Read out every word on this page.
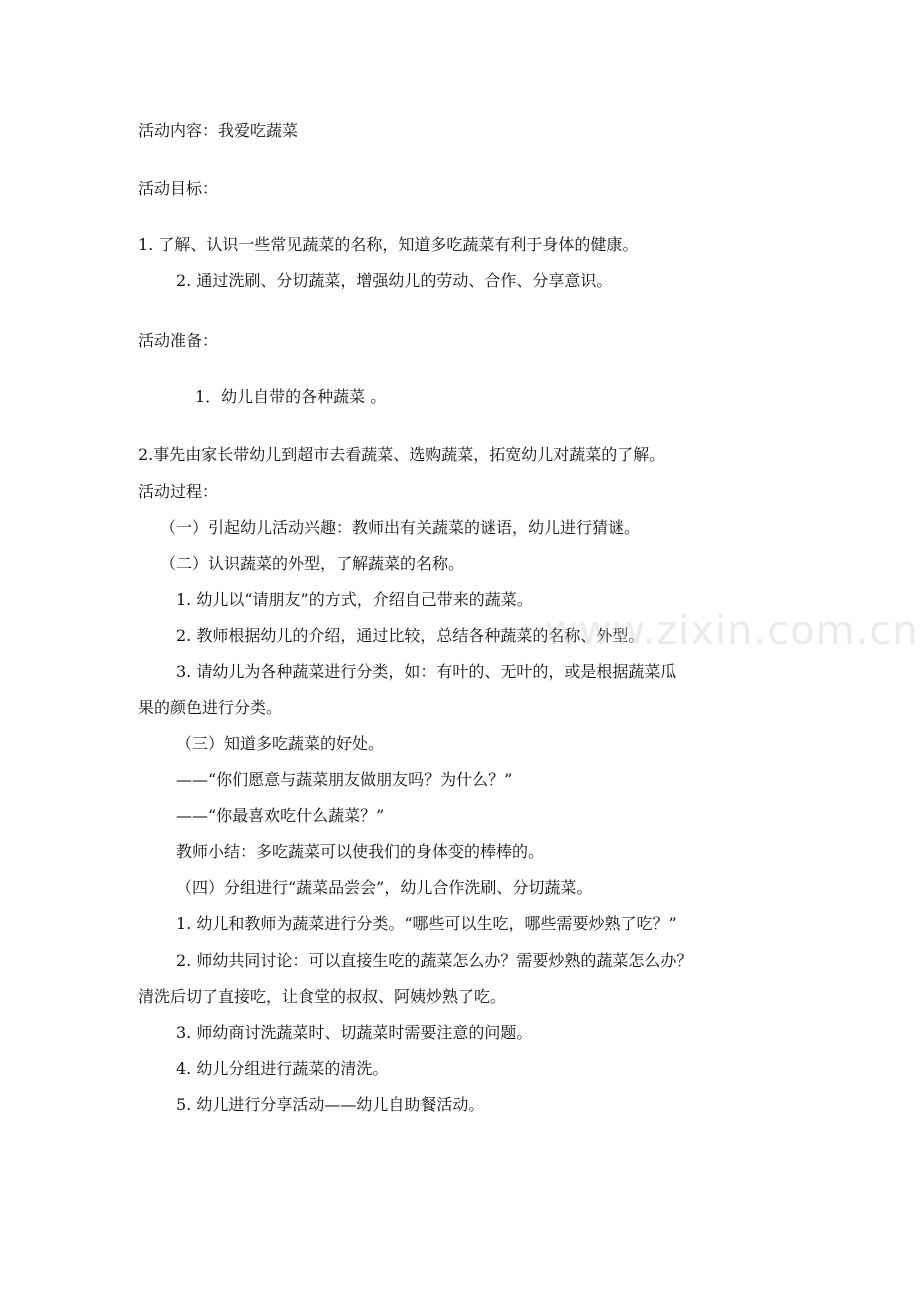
活动内容：我爱吃蔬菜

活动目标：

1. 了解、认识一些常见蔬菜的名称，知道多吃蔬菜有利于身体的健康。

2. 通过洗刷、分切蔬菜，增强幼儿的劳动、合作、分享意识。

活动准备：

1．幼儿自带的各种蔬菜 。

2.事先由家长带幼儿到超市去看蔬菜、选购蔬菜，拓宽幼儿对蔬菜的了解。

活动过程：

（一）引起幼儿活动兴趣：教师出有关蔬菜的谜语，幼儿进行猜谜。

（二）认识蔬菜的外型，了解蔬菜的名称。

1. 幼儿以“请朋友”的方式，介绍自己带来的蔬菜。

2. 教师根据幼儿的介绍，通过比较，总结各种蔬菜的名称、外型。

3. 请幼儿为各种蔬菜进行分类，如：有叶的、无叶的，或是根据蔬菜瓜

果的颜色进行分类。

（三）知道多吃蔬菜的好处。

——“你们愿意与蔬菜朋友做朋友吗？为什么？”

——“你最喜欢吃什么蔬菜？”

教师小结：多吃蔬菜可以使我们的身体变的棒棒的。

（四）分组进行“蔬菜品尝会”，幼儿合作洗刷、分切蔬菜。

1. 幼儿和教师为蔬菜进行分类。“哪些可以生吃，哪些需要炒熟了吃？”

2. 师幼共同讨论：可以直接生吃的蔬菜怎么办？需要炒熟的蔬菜怎么办？

清洗后切了直接吃，让食堂的叔叔、阿姨炒熟了吃。

3. 师幼商讨洗蔬菜时、切蔬菜时需要注意的问题。

4. 幼儿分组进行蔬菜的清洗。

5. 幼儿进行分享活动——幼儿自助餐活动。

www.zixin.com.cn
